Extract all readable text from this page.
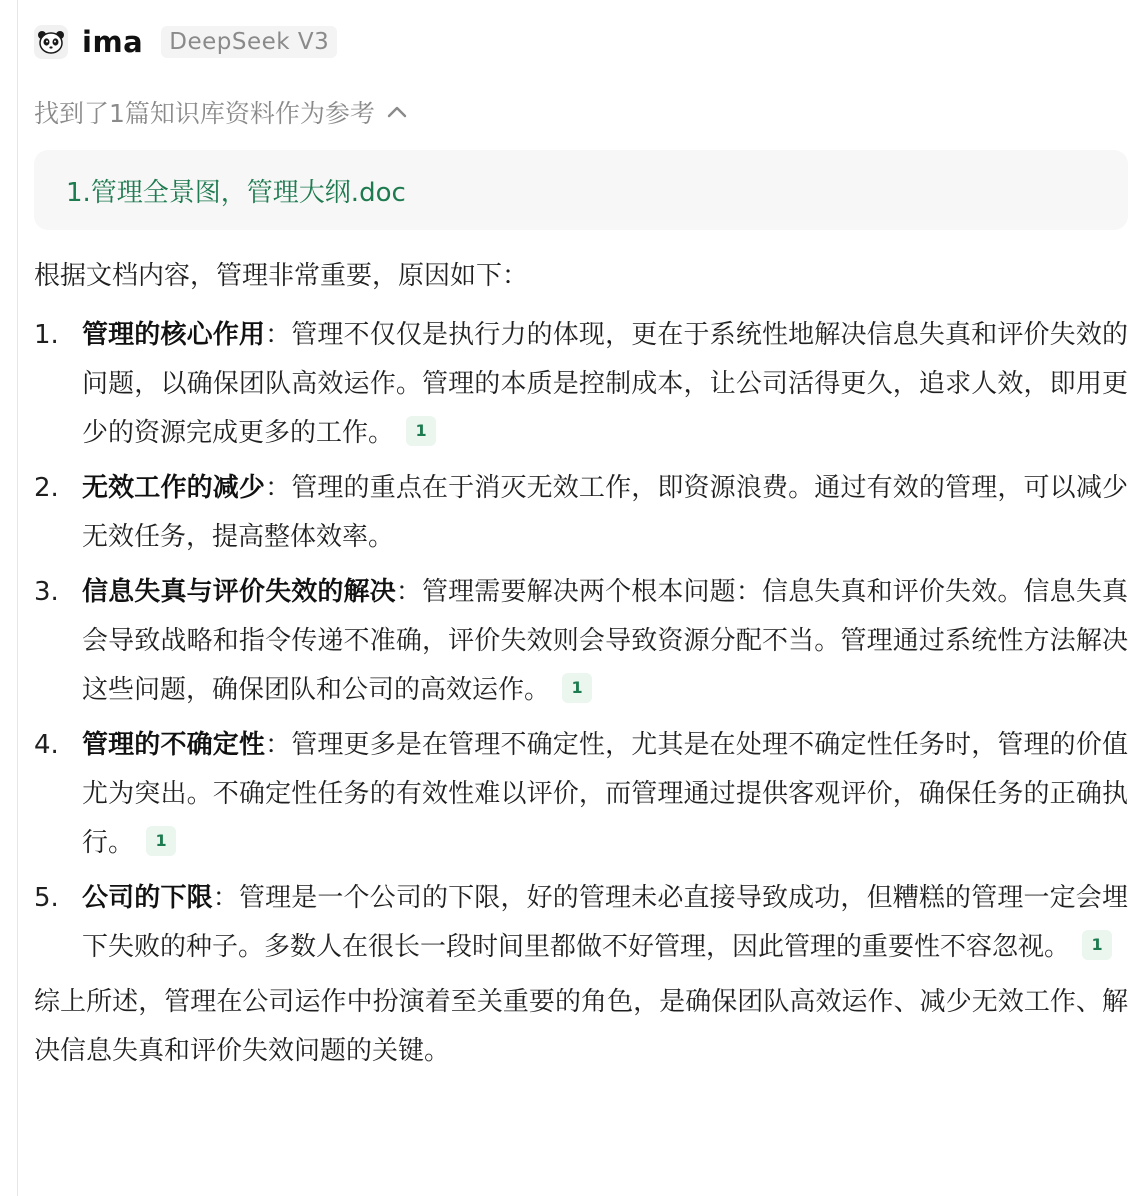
ima	DeepSeek V3
找到了1篇知识库资料作为参考
1.管理全景图，管理大纲.doc

根据文档内容，管理非常重要，原因如下：

1. 管理的核心作用：管理不仅仅是执行力的体现，更在于系统性地解决信息失真和评价失效的问题，以确保团队高效运作。管理的本质是控制成本，让公司活得更久，追求人效，即用更少的资源完成更多的工作。 1
2. 无效工作的减少：管理的重点在于消灭无效工作，即资源浪费。通过有效的管理，可以减少无效任务，提高整体效率。
3. 信息失真与评价失效的解决：管理需要解决两个根本问题：信息失真和评价失效。信息失真会导致战略和指令传递不准确，评价失效则会导致资源分配不当。管理通过系统性方法解决这些问题，确保团队和公司的高效运作。 1
4. 管理的不确定性：管理更多是在管理不确定性，尤其是在处理不确定性任务时，管理的价值尤为突出。不确定性任务的有效性难以评价，而管理通过提供客观评价，确保任务的正确执行。 1
5. 公司的下限：管理是一个公司的下限，好的管理未必直接导致成功，但糟糕的管理一定会埋下失败的种子。多数人在很长一段时间里都做不好管理，因此管理的重要性不容忽视。 1

综上所述，管理在公司运作中扮演着至关重要的角色，是确保团队高效运作、减少无效工作、解决信息失真和评价失效问题的关键。
